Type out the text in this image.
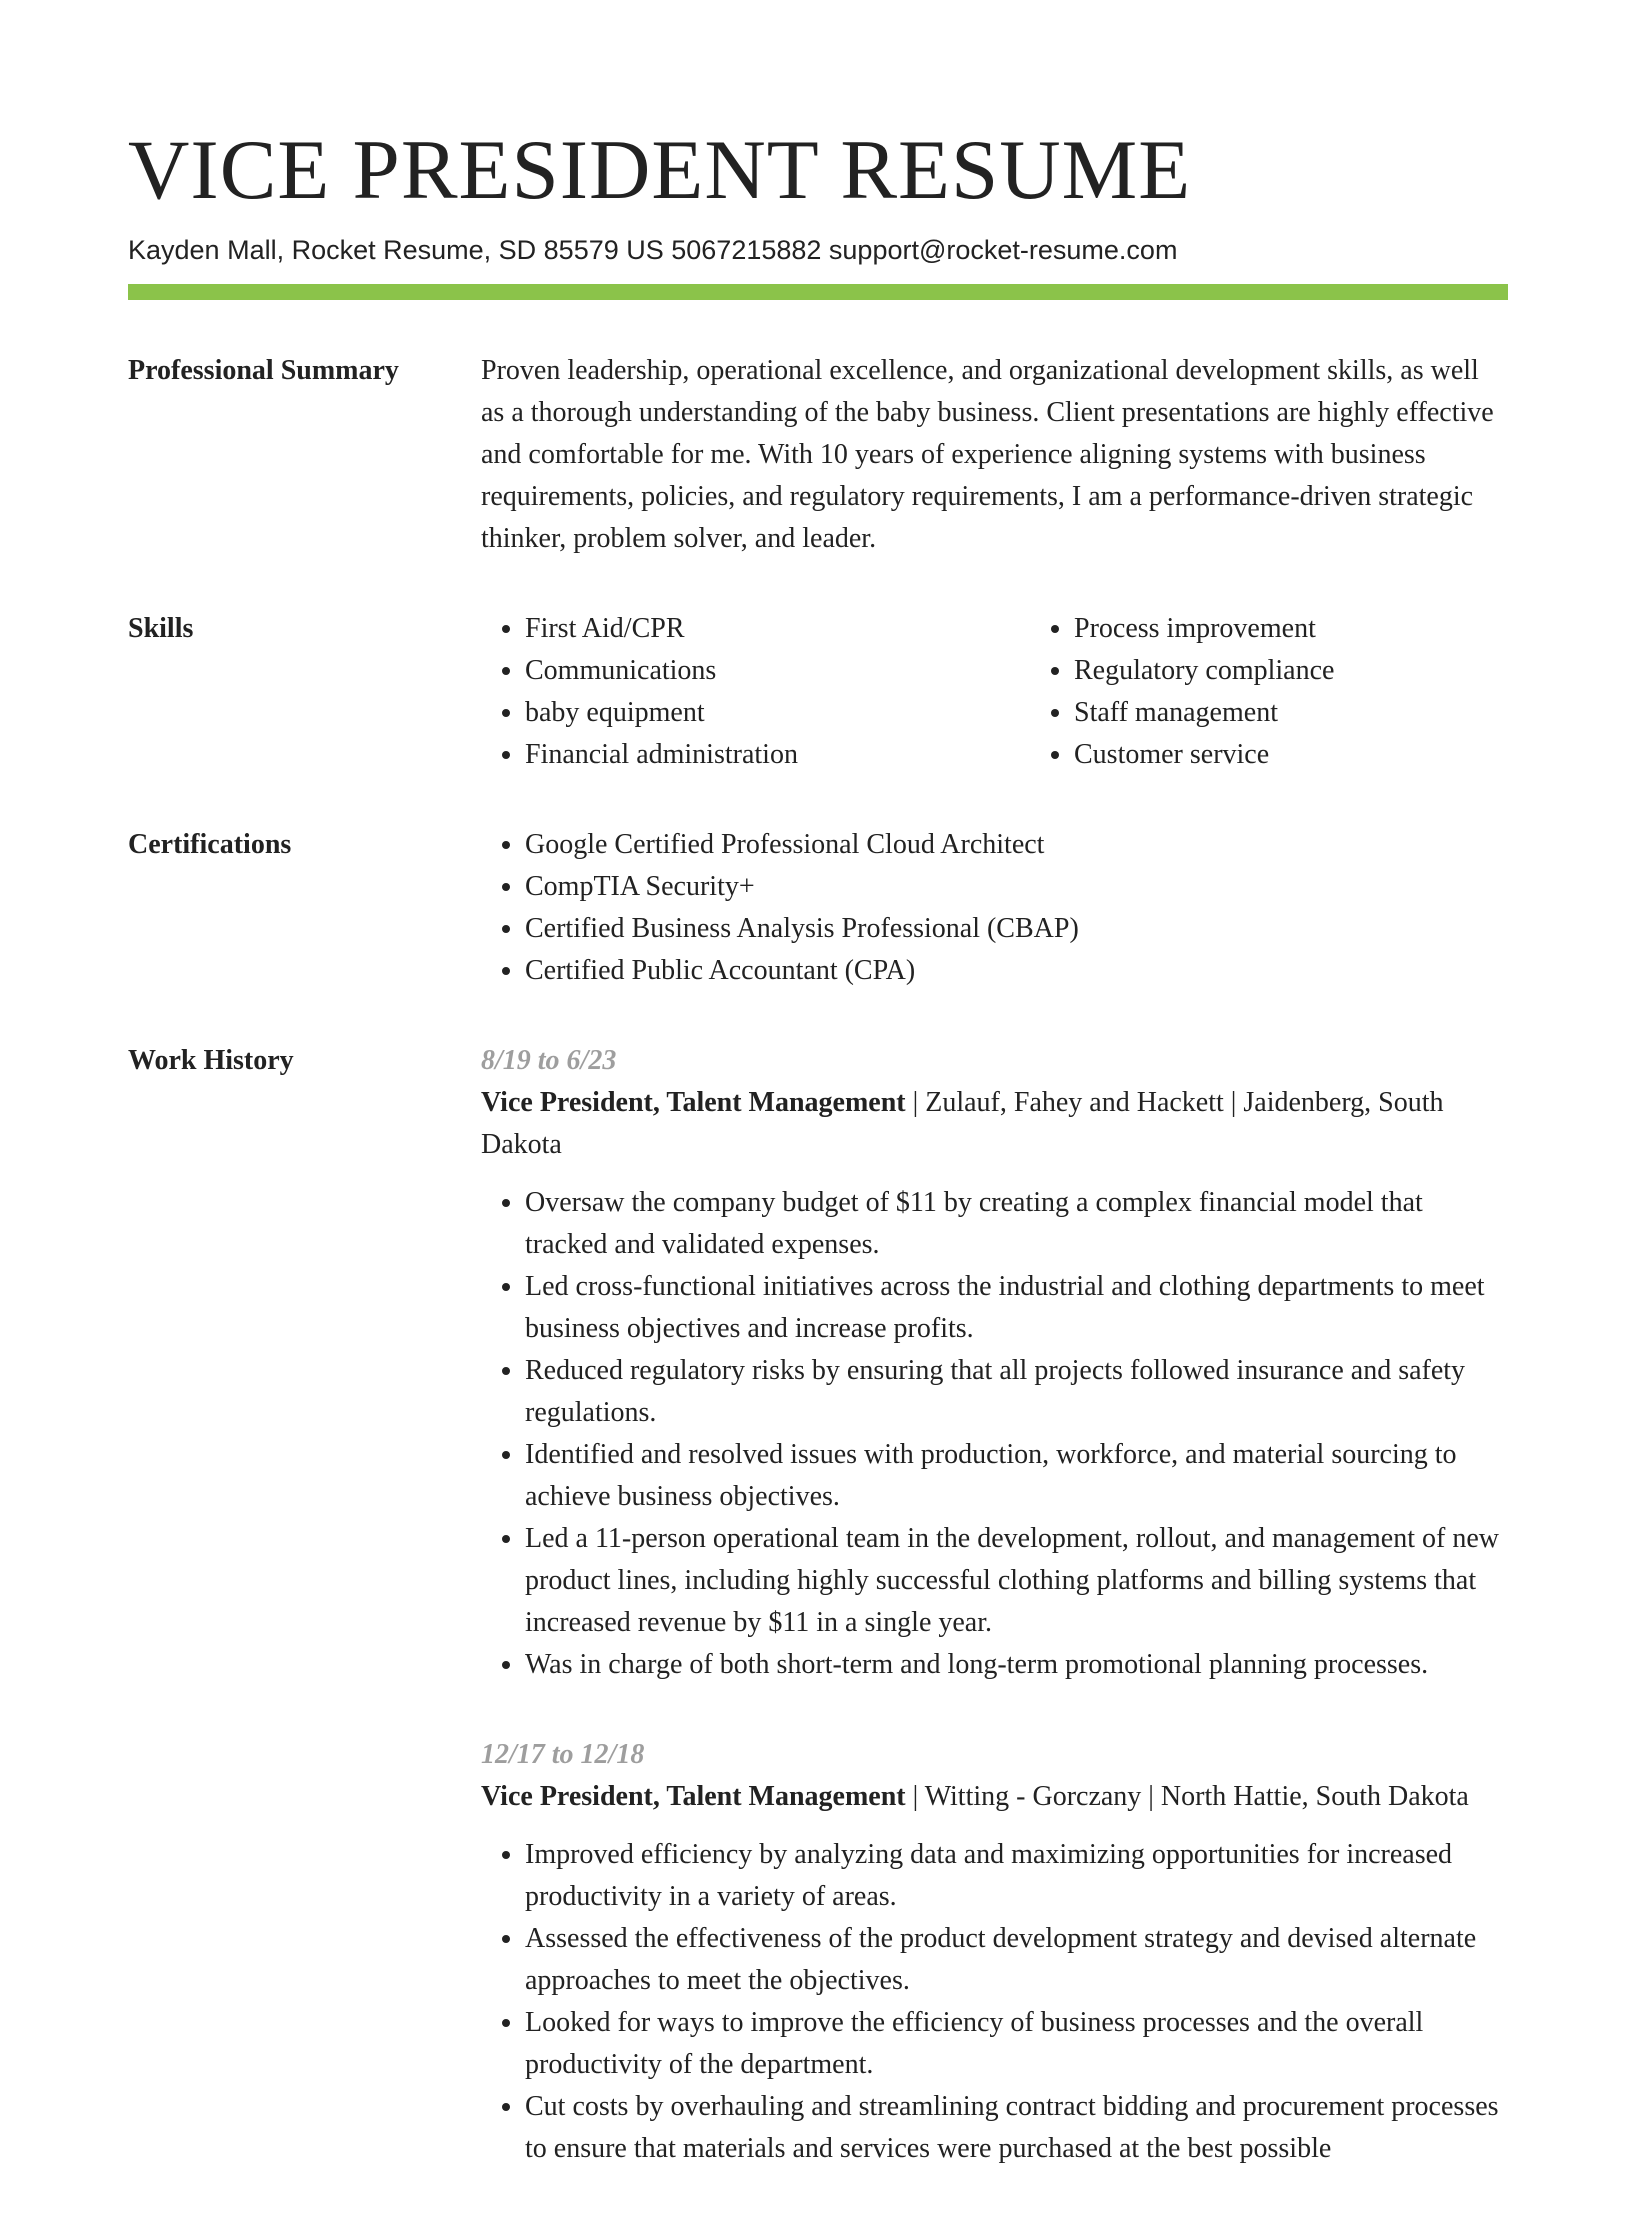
VICE PRESIDENT RESUME
Kayden Mall, Rocket Resume, SD 85579 US 5067215882 support@rocket-resume.com
Professional Summary	Proven leadership, operational excellence, and organizational development skills, as well as a thorough understanding of the baby business. Client presentations are highly effective and comfortable for me. With 10 years of experience aligning systems with business requirements, policies, and regulatory requirements, I am a performance-driven strategic thinker, problem solver, and leader.

Skills	• First Aid/CPR
• Communications
• baby equipment
• Financial administration
• Process improvement
• Regulatory compliance
• Staff management
• Customer service
Certifications	• Google Certified Professional Cloud Architect
• CompTIA Security+
• Certified Business Analysis Professional (CBAP)
• Certified Public Accountant (CPA)
Work History	8/19 to 6/23
Vice President, Talent Management | Zulauf, Fahey and Hackett | Jaidenberg, South Dakota
• Oversaw the company budget of $11 by creating a complex financial model that tracked and validated expenses.
• Led cross-functional initiatives across the industrial and clothing departments to meet business objectives and increase profits.
• Reduced regulatory risks by ensuring that all projects followed insurance and safety regulations.
• Identified and resolved issues with production, workforce, and material sourcing to achieve business objectives.
• Led a 11-person operational team in the development, rollout, and management of new product lines, including highly successful clothing platforms and billing systems that increased revenue by $11 in a single year.
• Was in charge of both short-term and long-term promotional planning processes.
12/17 to 12/18
Vice President, Talent Management | Witting - Gorczany | North Hattie, South Dakota
• Improved efficiency by analyzing data and maximizing opportunities for increased productivity in a variety of areas.
• Assessed the effectiveness of the product development strategy and devised alternate approaches to meet the objectives.
• Looked for ways to improve the efficiency of business processes and the overall productivity of the department.
• Cut costs by overhauling and streamlining contract bidding and procurement processes to ensure that materials and services were purchased at the best possible
